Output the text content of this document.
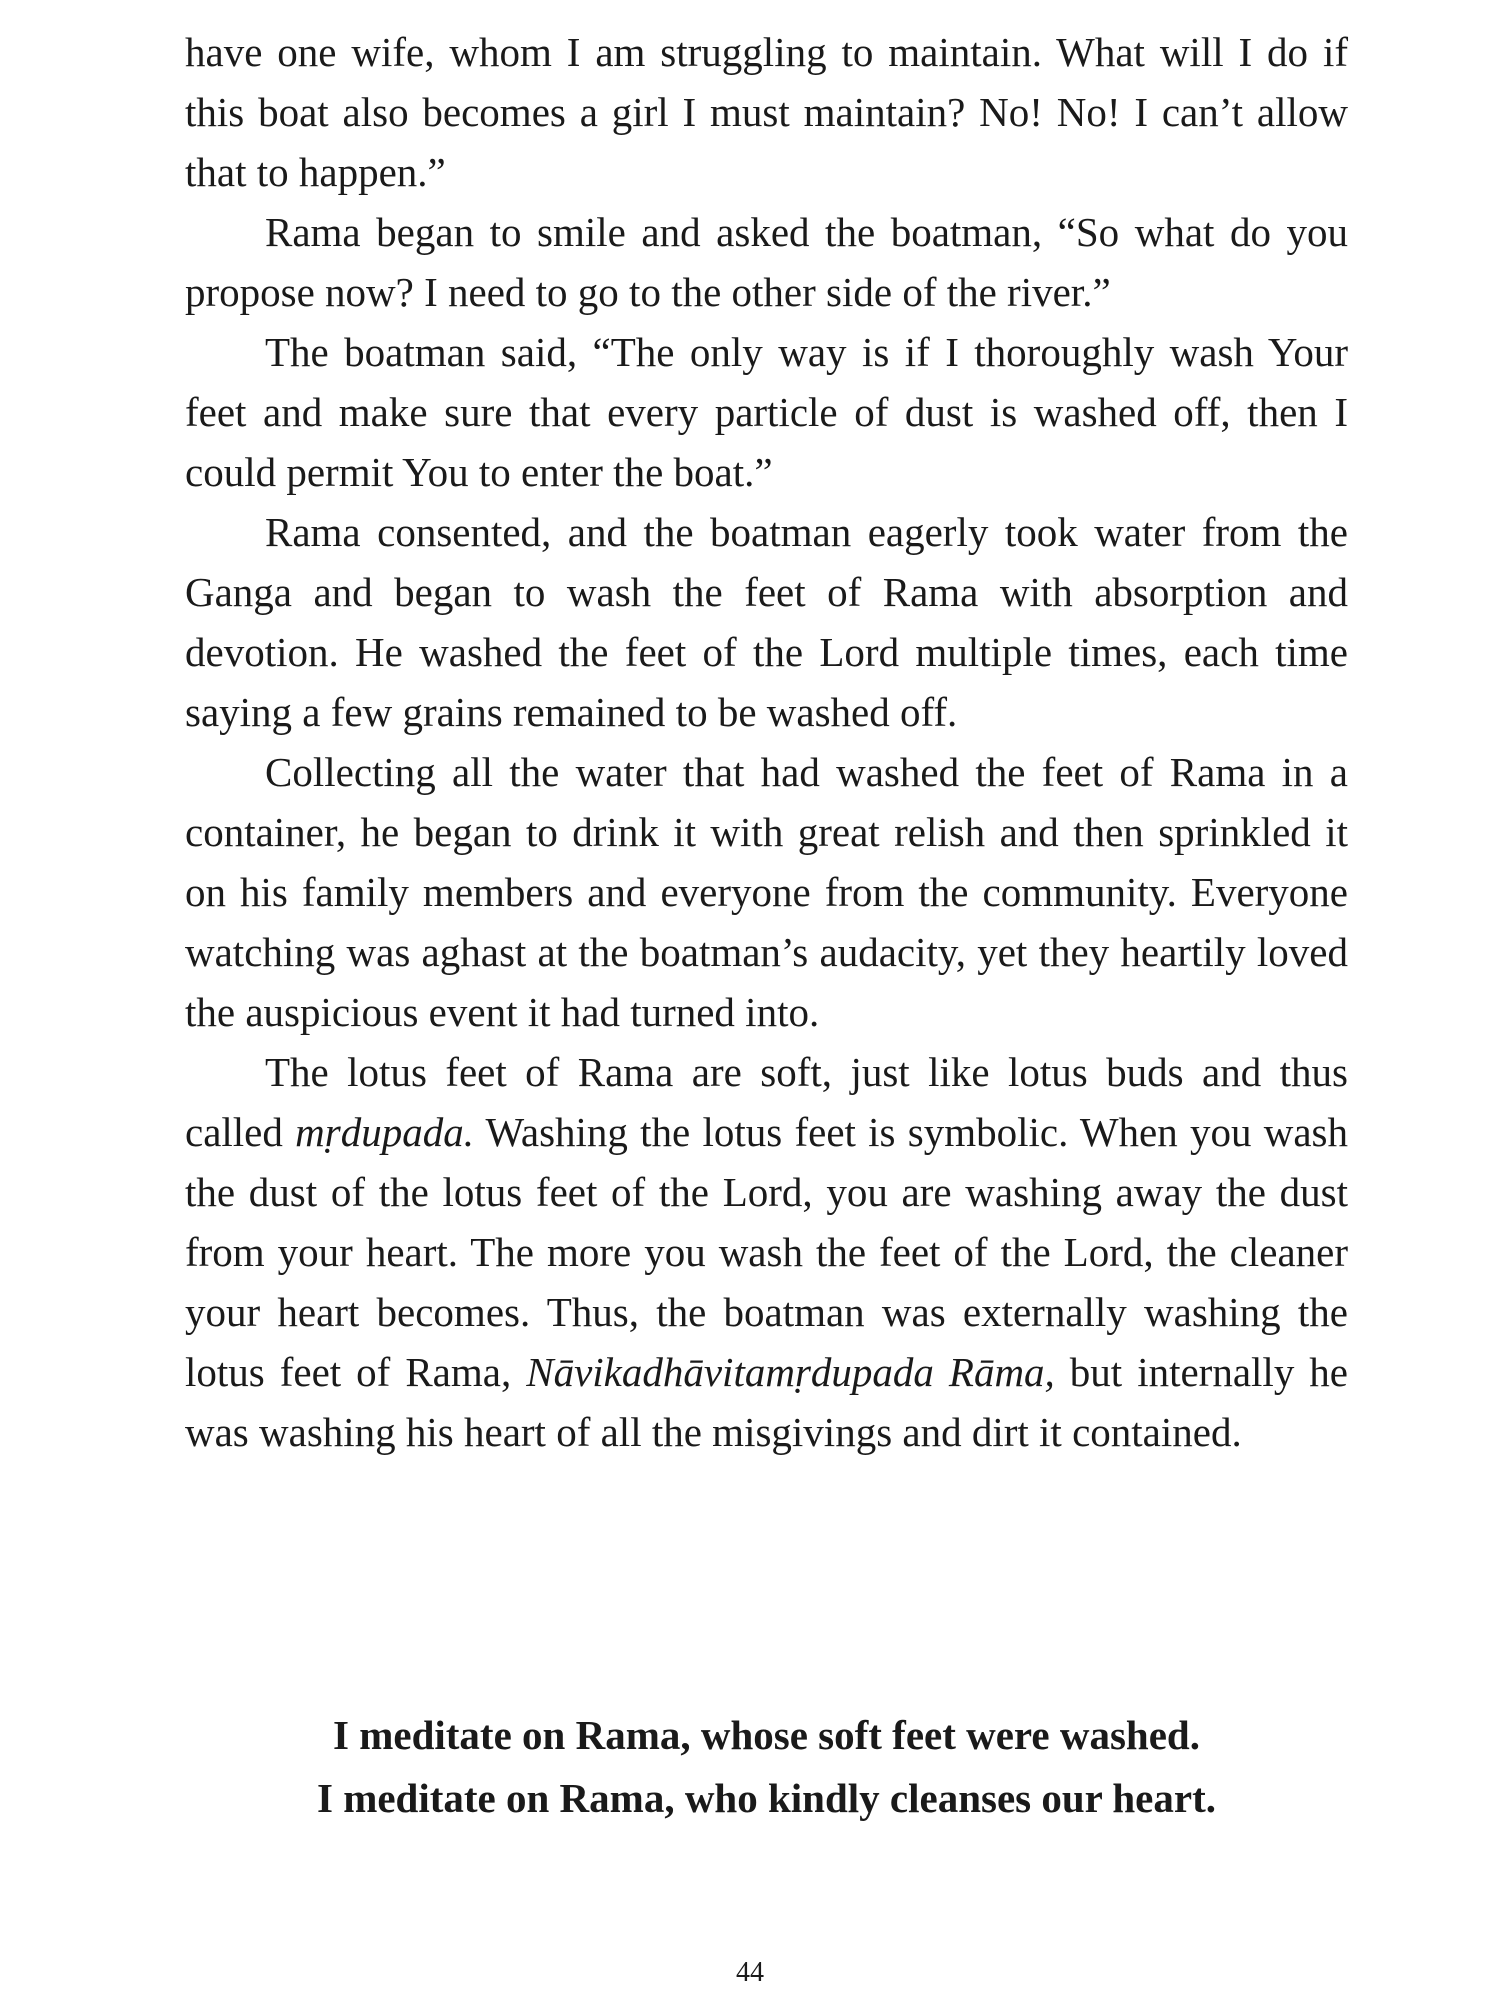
have one wife, whom I am struggling to maintain. What will I do if this boat also becomes a girl I must maintain? No! No! I can’t allow that to happen.”

Rama began to smile and asked the boatman, “So what do you propose now? I need to go to the other side of the river.”

The boatman said, “The only way is if I thoroughly wash Your feet and make sure that every particle of dust is washed off, then I could permit You to enter the boat.”

Rama consented, and the boatman eagerly took water from the Ganga and began to wash the feet of Rama with absorption and devotion. He washed the feet of the Lord multiple times, each time saying a few grains remained to be washed off.

Collecting all the water that had washed the feet of Rama in a container, he began to drink it with great relish and then sprinkled it on his family members and everyone from the community. Everyone watching was aghast at the boatman’s audacity, yet they heartily loved the auspicious event it had turned into.

The lotus feet of Rama are soft, just like lotus buds and thus called mṛdupada. Washing the lotus feet is symbolic. When you wash the dust of the lotus feet of the Lord, you are washing away the dust from your heart. The more you wash the feet of the Lord, the cleaner your heart becomes. Thus, the boatman was externally washing the lotus feet of Rama, Nāvikadhāvitamṛdupada Rāma, but internally he was washing his heart of all the misgivings and dirt it contained.

I meditate on Rama, whose soft feet were washed.
I meditate on Rama, who kindly cleanses our heart.
44
